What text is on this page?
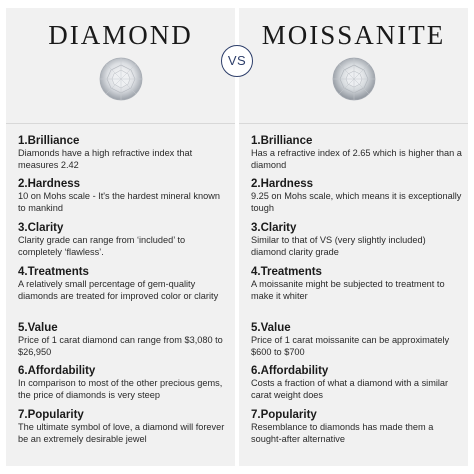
DIAMOND
1.Brilliance
Diamonds have a high refractive index that measures 2.42
2.Hardness
10 on Mohs scale - It's the hardest mineral known to mankind
3.Clarity
Clarity grade can range from ‘included’ to completely ‘flawless’.
4.Treatments
A relatively small percentage of gem-quality diamonds are treated for improved color or clarity
5.Value
Price of 1 carat diamond can range from $3,080 to $26,950
6.Affordability
In comparison to most of the other precious gems, the price of diamonds is very steep
7.Popularity
The ultimate symbol of love, a diamond will forever be an extremely desirable jewel
MOISSANITE
1.Brilliance
Has a refractive index of 2.65 which is higher than a diamond
2.Hardness
9.25 on Mohs scale, which means it is exceptionally tough
3.Clarity
Similar to that of VS (very slightly included) diamond clarity grade
4.Treatments
A moissanite might be subjected to treatment to make it whiter
5.Value
Price of 1 carat moissanite can be approximately $600 to $700
6.Affordability
Costs a fraction of what a diamond with a similar carat weight does
7.Popularity
Resemblance to diamonds has made them a sought-after alternative
VS
